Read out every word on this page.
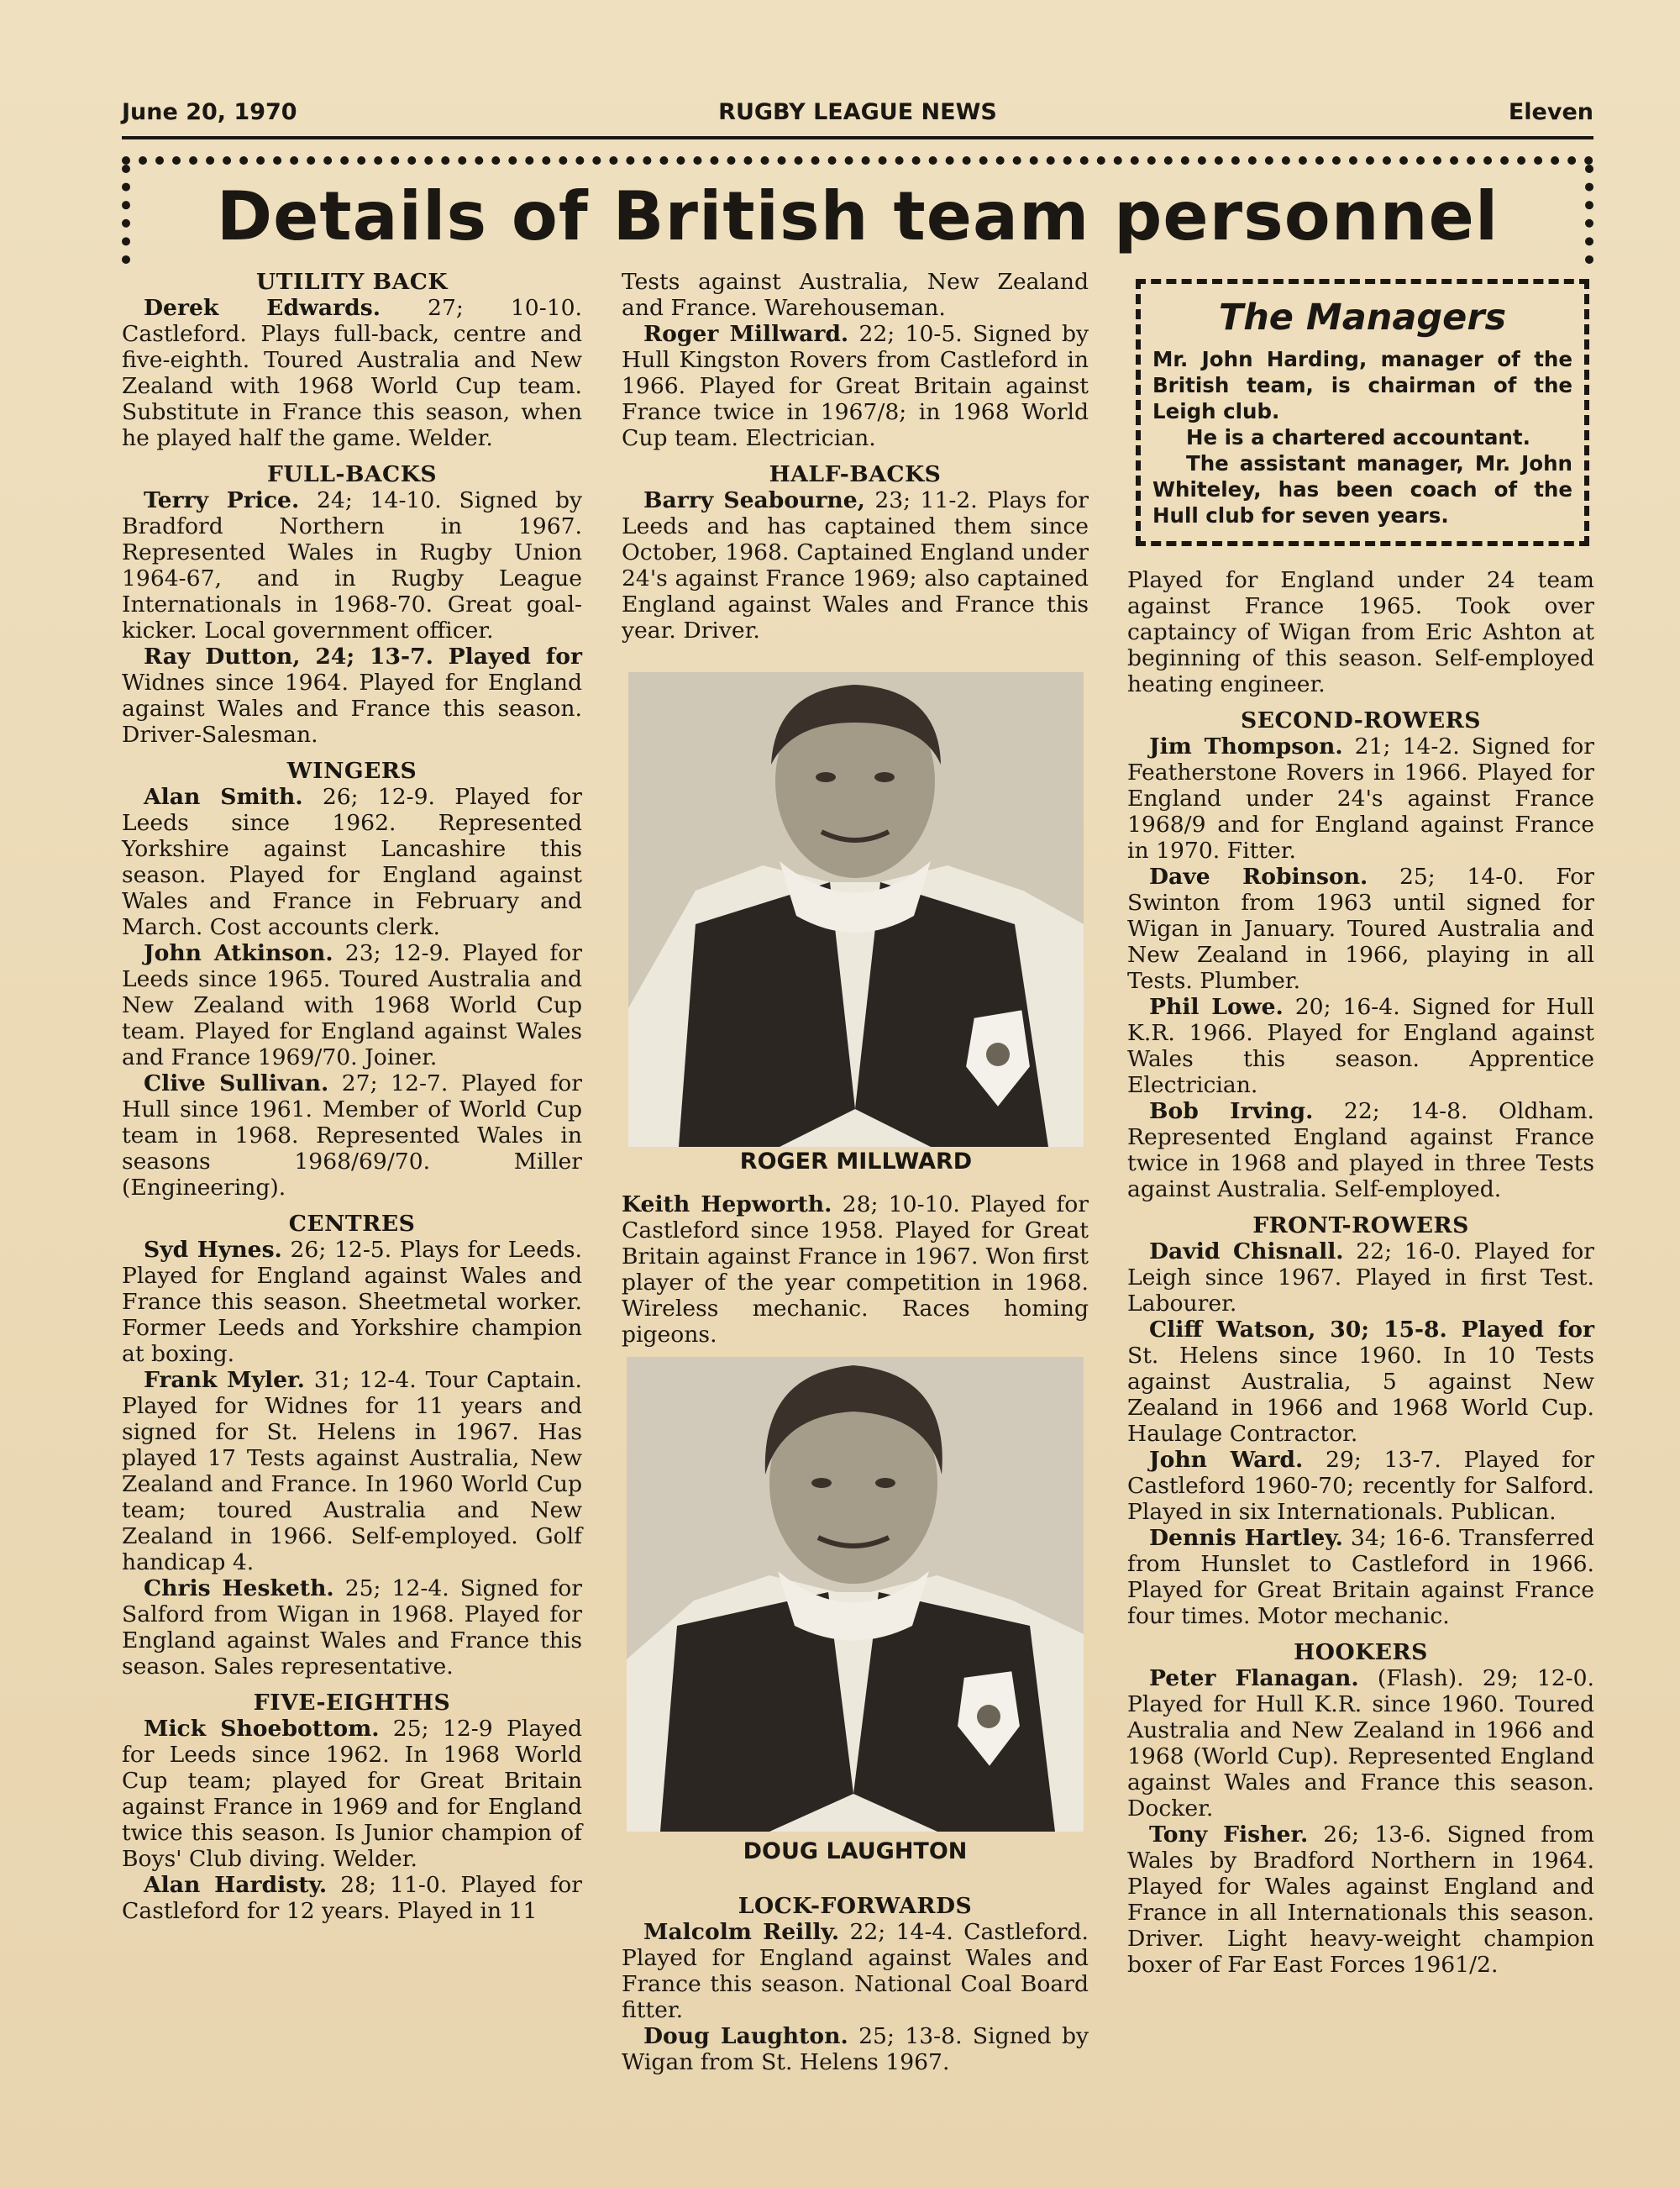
June 20, 1970	RUGBY LEAGUE NEWS	Eleven
Details of British team personnel
UTILITY BACK

Derek Edwards. 27; 10-10. Castleford. Plays full-back, centre and five-eighth. Toured Australia and New Zealand with 1968 World Cup team. Substitute in France this season, when he played half the game. Welder.

FULL-BACKS

Terry Price. 24; 14-10. Signed by Bradford Northern in 1967. Represented Wales in Rugby Union 1964-67, and in Rugby League Internationals in 1968-70. Great goal-kicker. Local government officer.

Ray Dutton, 24; 13-7. Played for Widnes since 1964. Played for England against Wales and France this season. Driver-Salesman.

WINGERS

Alan Smith. 26; 12-9. Played for Leeds since 1962. Represented Yorkshire against Lancashire this season. Played for England against Wales and France in February and March. Cost accounts clerk.

John Atkinson. 23; 12-9. Played for Leeds since 1965. Toured Australia and New Zealand with 1968 World Cup team. Played for England against Wales and France 1969/70. Joiner.

Clive Sullivan. 27; 12-7. Played for Hull since 1961. Member of World Cup team in 1968. Represented Wales in seasons 1968/69/70. Miller (Engineering).

CENTRES

Syd Hynes. 26; 12-5. Plays for Leeds. Played for England against Wales and France this season. Sheetmetal worker. Former Leeds and Yorkshire champion at boxing.

Frank Myler. 31; 12-4. Tour Captain. Played for Widnes for 11 years and signed for St. Helens in 1967. Has played 17 Tests against Australia, New Zealand and France. In 1960 World Cup team; toured Australia and New Zealand in 1966. Self-employed. Golf handicap 4.

Chris Hesketh. 25; 12-4. Signed for Salford from Wigan in 1968. Played for England against Wales and France this season. Sales representative.

FIVE-EIGHTHS

Mick Shoebottom. 25; 12-9 Played for Leeds since 1962. In 1968 World Cup team; played for Great Britain against France in 1969 and for England twice this season. Is Junior champion of Boys' Club diving. Welder.

Alan Hardisty. 28; 11-0. Played for Castleford for 12 years. Played in 11

Tests against Australia, New Zealand and France. Warehouseman.

Roger Millward. 22; 10-5. Signed by Hull Kingston Rovers from Castleford in 1966. Played for Great Britain against France twice in 1967/8; in 1968 World Cup team. Electrician.

HALF-BACKS

Barry Seabourne, 23; 11-2. Plays for Leeds and has captained them since October, 1968. Captained England under 24's against France 1969; also captained England against Wales and France this year. Driver.

ROGER MILLWARD

Keith Hepworth. 28; 10-10. Played for Castleford since 1958. Played for Great Britain against France in 1967. Won first player of the year competition in 1968. Wireless mechanic. Races homing pigeons.

DOUG LAUGHTON
LOCK-FORWARDS

Malcolm Reilly. 22; 14-4. Castleford. Played for England against Wales and France this season. National Coal Board fitter.

Doug Laughton. 25; 13-8. Signed by Wigan from St. Helens 1967.

The Managers

Mr. John Harding, manager of the British team, is chairman of the Leigh club.

He is a chartered accountant.

The assistant manager, Mr. John Whiteley, has been coach of the Hull club for seven years.

Played for England under 24 team against France 1965. Took over captaincy of Wigan from Eric Ashton at beginning of this season. Self-employed heating engineer.

SECOND-ROWERS

Jim Thompson. 21; 14-2. Signed for Featherstone Rovers in 1966. Played for England under 24's against France 1968/9 and for England against France in 1970. Fitter.

Dave Robinson. 25; 14-0. For Swinton from 1963 until signed for Wigan in January. Toured Australia and New Zealand in 1966, playing in all Tests. Plumber.

Phil Lowe. 20; 16-4. Signed for Hull K.R. 1966. Played for England against Wales this season. Apprentice Electrician.

Bob Irving. 22; 14-8. Oldham. Represented England against France twice in 1968 and played in three Tests against Australia. Self-employed.

FRONT-ROWERS

David Chisnall. 22; 16-0. Played for Leigh since 1967. Played in first Test. Labourer.

Cliff Watson, 30; 15-8. Played for St. Helens since 1960. In 10 Tests against Australia, 5 against New Zealand in 1966 and 1968 World Cup. Haulage Contractor.

John Ward. 29; 13-7. Played for Castleford 1960-70; recently for Salford. Played in six Internationals. Publican.

Dennis Hartley. 34; 16-6. Transferred from Hunslet to Castleford in 1966. Played for Great Britain against France four times. Motor mechanic.

HOOKERS

Peter Flanagan. (Flash). 29; 12-0. Played for Hull K.R. since 1960. Toured Australia and New Zealand in 1966 and 1968 (World Cup). Represented England against Wales and France this season. Docker.

Tony Fisher. 26; 13-6. Signed from Wales by Bradford Northern in 1964. Played for Wales against England and France in all Internationals this season. Driver. Light heavy-weight champion boxer of Far East Forces 1961/2.
